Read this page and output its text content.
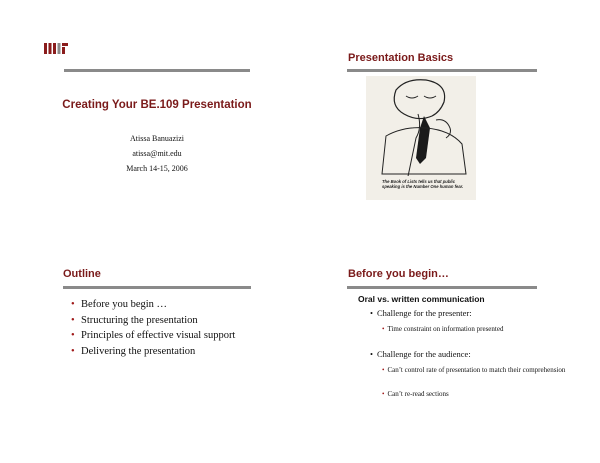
Creating Your BE.109 Presentation
Atissa Banuazizi
atissa@mit.edu
March 14-15, 2006
Presentation Basics
The Book of Lists tells us that public speaking is the Number One human fear.
Outline
• Before you begin …
• Structuring the presentation
• Principles of effective visual support
• Delivering the presentation
Before you begin…
Oral vs. written communication
• Challenge for the presenter:
• Time constraint on information presented
• Challenge for the audience:
• Can’t control rate of presentation to match their comprehension
• Can’t re-read sections
